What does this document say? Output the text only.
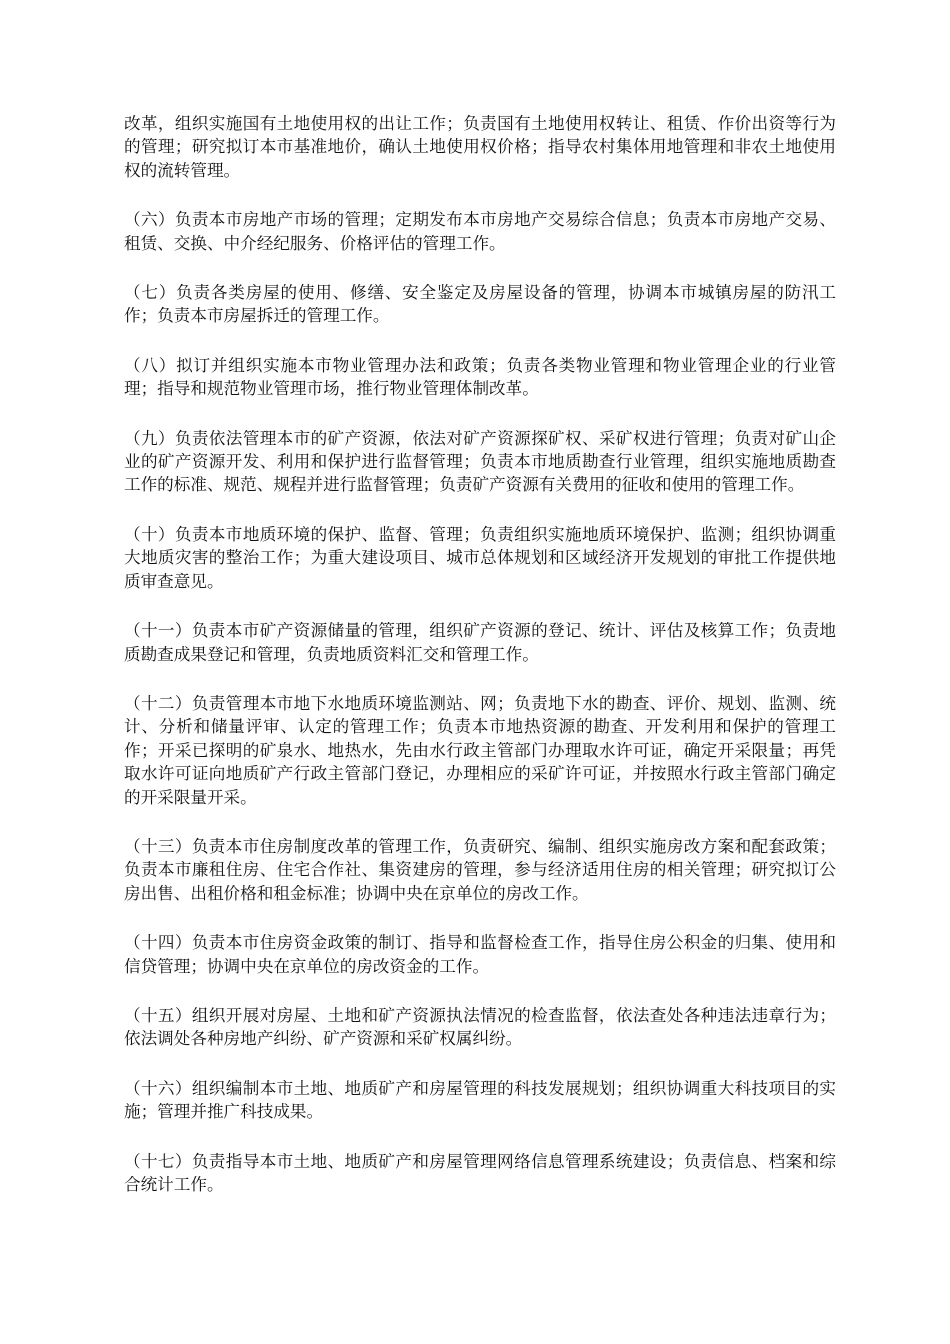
改革，组织实施国有土地使用权的出让工作；负责国有土地使用权转让、租赁、作价出资等行为的管理；研究拟订本市基准地价，确认土地使用权价格；指导农村集体用地管理和非农土地使用权的流转管理。

（六）负责本市房地产市场的管理；定期发布本市房地产交易综合信息；负责本市房地产交易、租赁、交换、中介经纪服务、价格评估的管理工作。

（七）负责各类房屋的使用、修缮、安全鉴定及房屋设备的管理，协调本市城镇房屋的防汛工作；负责本市房屋拆迁的管理工作。

（八）拟订并组织实施本市物业管理办法和政策；负责各类物业管理和物业管理企业的行业管理；指导和规范物业管理市场，推行物业管理体制改革。

（九）负责依法管理本市的矿产资源，依法对矿产资源探矿权、采矿权进行管理；负责对矿山企业的矿产资源开发、利用和保护进行监督管理；负责本市地质勘查行业管理，组织实施地质勘查工作的标准、规范、规程并进行监督管理；负责矿产资源有关费用的征收和使用的管理工作。

（十）负责本市地质环境的保护、监督、管理；负责组织实施地质环境保护、监测；组织协调重大地质灾害的整治工作；为重大建设项目、城市总体规划和区域经济开发规划的审批工作提供地质审查意见。

（十一）负责本市矿产资源储量的管理，组织矿产资源的登记、统计、评估及核算工作；负责地质勘查成果登记和管理，负责地质资料汇交和管理工作。

（十二）负责管理本市地下水地质环境监测站、网；负责地下水的勘查、评价、规划、监测、统计、分析和储量评审、认定的管理工作；负责本市地热资源的勘查、开发利用和保护的管理工作；开采已探明的矿泉水、地热水，先由水行政主管部门办理取水许可证，确定开采限量；再凭取水许可证向地质矿产行政主管部门登记，办理相应的采矿许可证，并按照水行政主管部门确定的开采限量开采。

（十三）负责本市住房制度改革的管理工作，负责研究、编制、组织实施房改方案和配套政策；负责本市廉租住房、住宅合作社、集资建房的管理，参与经济适用住房的相关管理；研究拟订公房出售、出租价格和租金标准；协调中央在京单位的房改工作。

（十四）负责本市住房资金政策的制订、指导和监督检查工作，指导住房公积金的归集、使用和信贷管理；协调中央在京单位的房改资金的工作。

（十五）组织开展对房屋、土地和矿产资源执法情况的检查监督，依法查处各种违法违章行为；依法调处各种房地产纠纷、矿产资源和采矿权属纠纷。

（十六）组织编制本市土地、地质矿产和房屋管理的科技发展规划；组织协调重大科技项目的实施；管理并推广科技成果。

（十七）负责指导本市土地、地质矿产和房屋管理网络信息管理系统建设；负责信息、档案和综合统计工作。
